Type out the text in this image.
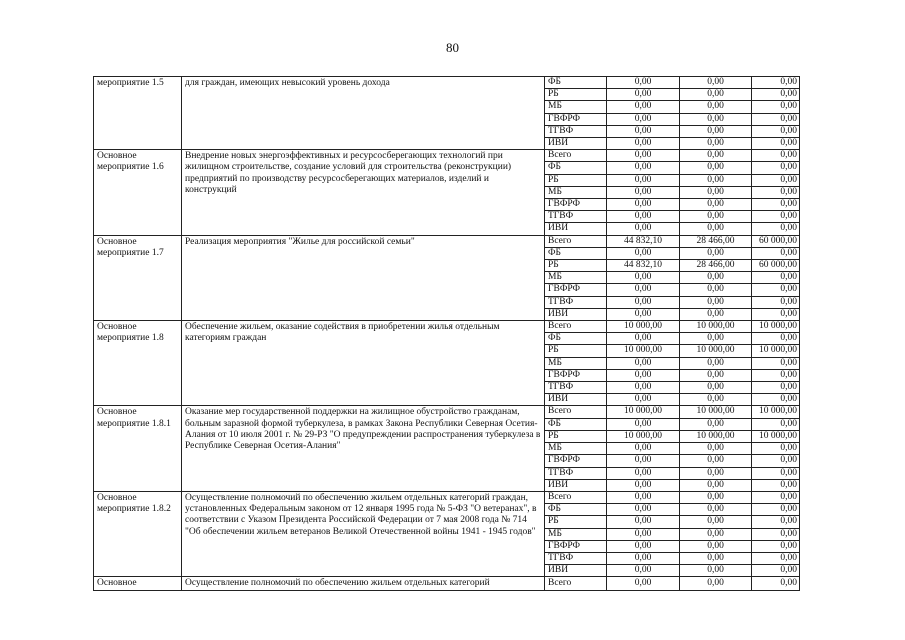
80
мероприятие 1.5	для граждан, имеющих невысокий уровень дохода	ФБ	0,00	0,00	0,00
		РБ	0,00	0,00	0,00
		МБ	0,00	0,00	0,00
		ГВФРФ	0,00	0,00	0,00
		ТГВФ	0,00	0,00	0,00
		ИВИ	0,00	0,00	0,00
Основное мероприятие 1.6	Внедрение новых энергоэффективных и ресурсосберегающих технологий при жилищном строительстве, создание условий для строительства (реконструкции) предприятий по производству ресурсосберегающих материалов, изделий и конструкций	Всего	0,00	0,00	0,00
		ФБ	0,00	0,00	0,00
		РБ	0,00	0,00	0,00
		МБ	0,00	0,00	0,00
		ГВФРФ	0,00	0,00	0,00
		ТГВФ	0,00	0,00	0,00
		ИВИ	0,00	0,00	0,00
Основное мероприятие 1.7	Реализация мероприятия "Жилье для российской семьи"	Всего	44 832,10	28 466,00	60 000,00
		ФБ	0,00	0,00	0,00
		РБ	44 832,10	28 466,00	60 000,00
		МБ	0,00	0,00	0,00
		ГВФРФ	0,00	0,00	0,00
		ТГВФ	0,00	0,00	0,00
		ИВИ	0,00	0,00	0,00
Основное мероприятие 1.8	Обеспечение жильем, оказание содействия в приобретении жилья отдельным категориям граждан	Всего	10 000,00	10 000,00	10 000,00
		ФБ	0,00	0,00	0,00
		РБ	10 000,00	10 000,00	10 000,00
		МБ	0,00	0,00	0,00
		ГВФРФ	0,00	0,00	0,00
		ТГВФ	0,00	0,00	0,00
		ИВИ	0,00	0,00	0,00
Основное мероприятие 1.8.1	Оказание мер государственной поддержки на жилищное обустройство гражданам, больным заразной формой туберкулеза, в рамках Закона Республики Северная Осетия-Алания от 10 июля 2001 г. № 29-РЗ "О предупреждении распространения туберкулеза в Республике Северная Осетия-Алания"	Всего	10 000,00	10 000,00	10 000,00
		ФБ	0,00	0,00	0,00
		РБ	10 000,00	10 000,00	10 000,00
		МБ	0,00	0,00	0,00
		ГВФРФ	0,00	0,00	0,00
		ТГВФ	0,00	0,00	0,00
		ИВИ	0,00	0,00	0,00
Основное мероприятие 1.8.2	Осуществление полномочий по обеспечению жильем отдельных категорий граждан, установленных Федеральным законом от 12 января 1995 года № 5-ФЗ "О ветеранах", в соответствии с Указом Президента Российской Федерации от 7 мая 2008 года № 714 "Об обеспечении жильем ветеранов Великой Отечественной войны 1941 - 1945 годов"	Всего	0,00	0,00	0,00
		ФБ	0,00	0,00	0,00
		РБ	0,00	0,00	0,00
		МБ	0,00	0,00	0,00
		ГВФРФ	0,00	0,00	0,00
		ТГВФ	0,00	0,00	0,00
		ИВИ	0,00	0,00	0,00
Основное	Осуществление полномочий по обеспечению жильем отдельных категорий	Всего	0,00	0,00	0,00
